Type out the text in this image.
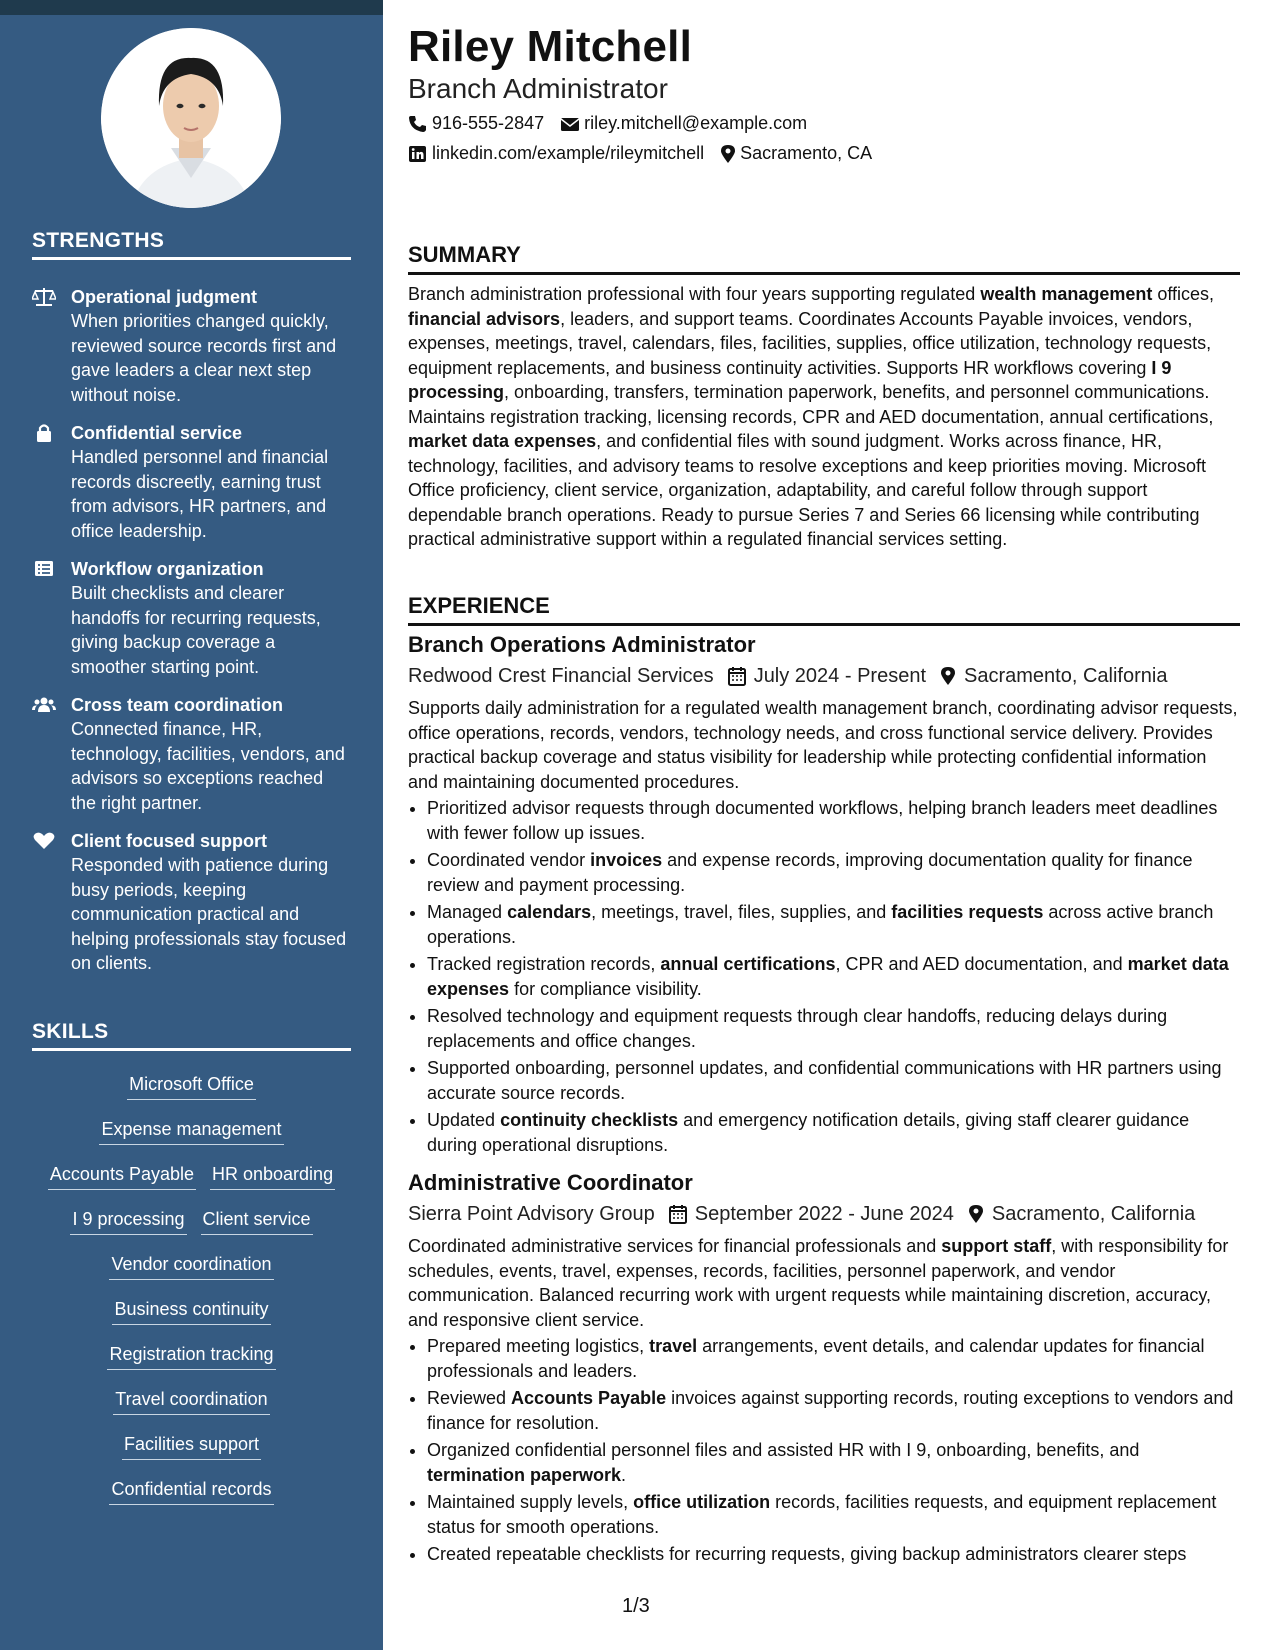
STRENGTHS
Operational judgment
When priorities changed quickly, reviewed source records first and gave leaders a clear next step without noise.
Confidential service
Handled personnel and financial records discreetly, earning trust from advisors, HR partners, and office leadership.
Workflow organization
Built checklists and clearer handoffs for recurring requests, giving backup coverage a smoother starting point.
Cross team coordination
Connected finance, HR, technology, facilities, vendors, and advisors so exceptions reached the right partner.
Client focused support
Responded with patience during busy periods, keeping communication practical and helping professionals stay focused on clients.
SKILLS
Microsoft Office
Expense management
Accounts Payable HR onboarding
I 9 processing Client service
Vendor coordination
Business continuity
Registration tracking
Travel coordination
Facilities support
Confidential records
Riley Mitchell
Branch Administrator
916-555-2847 riley.mitchell@example.com
linkedin.com/example/rileymitchell Sacramento, CA
SUMMARY
Branch administration professional with four years supporting regulated wealth management offices, financial advisors, leaders, and support teams. Coordinates Accounts Payable invoices, vendors, expenses, meetings, travel, calendars, files, facilities, supplies, office utilization, technology requests, equipment replacements, and business continuity activities. Supports HR workflows covering I 9 processing, onboarding, transfers, termination paperwork, benefits, and personnel communications. Maintains registration tracking, licensing records, CPR and AED documentation, annual certifications, market data expenses, and confidential files with sound judgment. Works across finance, HR, technology, facilities, and advisory teams to resolve exceptions and keep priorities moving. Microsoft Office proficiency, client service, organization, adaptability, and careful follow through support dependable branch operations. Ready to pursue Series 7 and Series 66 licensing while contributing practical administrative support within a regulated financial services setting.
EXPERIENCE
Branch Operations Administrator
Redwood Crest Financial Services July 2024 - Present Sacramento, California
Supports daily administration for a regulated wealth management branch, coordinating advisor requests, office operations, records, vendors, technology needs, and cross functional service delivery. Provides practical backup coverage and status visibility for leadership while protecting confidential information and maintaining documented procedures.
• Prioritized advisor requests through documented workflows, helping branch leaders meet deadlines with fewer follow up issues.
• Coordinated vendor invoices and expense records, improving documentation quality for finance review and payment processing.
• Managed calendars, meetings, travel, files, supplies, and facilities requests across active branch operations.
• Tracked registration records, annual certifications, CPR and AED documentation, and market data expenses for compliance visibility.
• Resolved technology and equipment requests through clear handoffs, reducing delays during replacements and office changes.
• Supported onboarding, personnel updates, and confidential communications with HR partners using accurate source records.
• Updated continuity checklists and emergency notification details, giving staff clearer guidance during operational disruptions.
Administrative Coordinator
Sierra Point Advisory Group September 2022 - June 2024 Sacramento, California
Coordinated administrative services for financial professionals and support staff, with responsibility for schedules, events, travel, expenses, records, facilities, personnel paperwork, and vendor communication. Balanced recurring work with urgent requests while maintaining discretion, accuracy, and responsive client service.
• Prepared meeting logistics, travel arrangements, event details, and calendar updates for financial professionals and leaders.
• Reviewed Accounts Payable invoices against supporting records, routing exceptions to vendors and finance for resolution.
• Organized confidential personnel files and assisted HR with I 9, onboarding, benefits, and termination paperwork.
• Maintained supply levels, office utilization records, facilities requests, and equipment replacement status for smooth operations.
• Created repeatable checklists for recurring requests, giving backup administrators clearer steps
1/3
